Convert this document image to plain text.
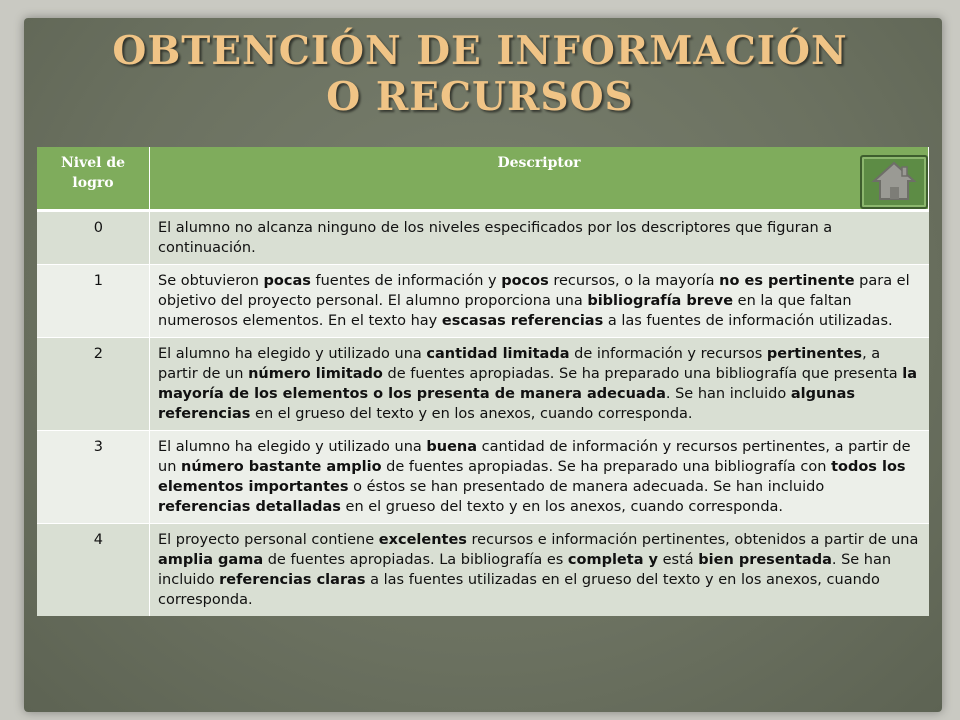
OBTENCIÓN DE INFORMACIÓN
O RECURSOS
Nivel de logro	Descriptor
0	El alumno no alcanza ninguno de los niveles especificados por los descriptores que figuran a continuación.
1	Se obtuvieron pocas fuentes de información y pocos recursos, o la mayoría no es pertinente para el objetivo del proyecto personal. El alumno proporciona una bibliografía breve en la que faltan numerosos elementos. En el texto hay escasas referencias a las fuentes de información utilizadas.
2	El alumno ha elegido y utilizado una cantidad limitada de información y recursos pertinentes, a partir de un número limitado de fuentes apropiadas. Se ha preparado una bibliografía que presenta la mayoría de los elementos o los presenta de manera adecuada. Se han incluido algunas referencias en el grueso del texto y en los anexos, cuando corresponda.
3	El alumno ha elegido y utilizado una buena cantidad de información y recursos pertinentes, a partir de un número bastante amplio de fuentes apropiadas. Se ha preparado una bibliografía con todos los elementos importantes o éstos se han presentado de manera adecuada. Se han incluido referencias detalladas en el grueso del texto y en los anexos, cuando corresponda.
4	El proyecto personal contiene excelentes recursos e información pertinentes, obtenidos a partir de una amplia gama de fuentes apropiadas. La bibliografía es completa y está bien presentada. Se han incluido referencias claras a las fuentes utilizadas en el grueso del texto y en los anexos, cuando corresponda.
